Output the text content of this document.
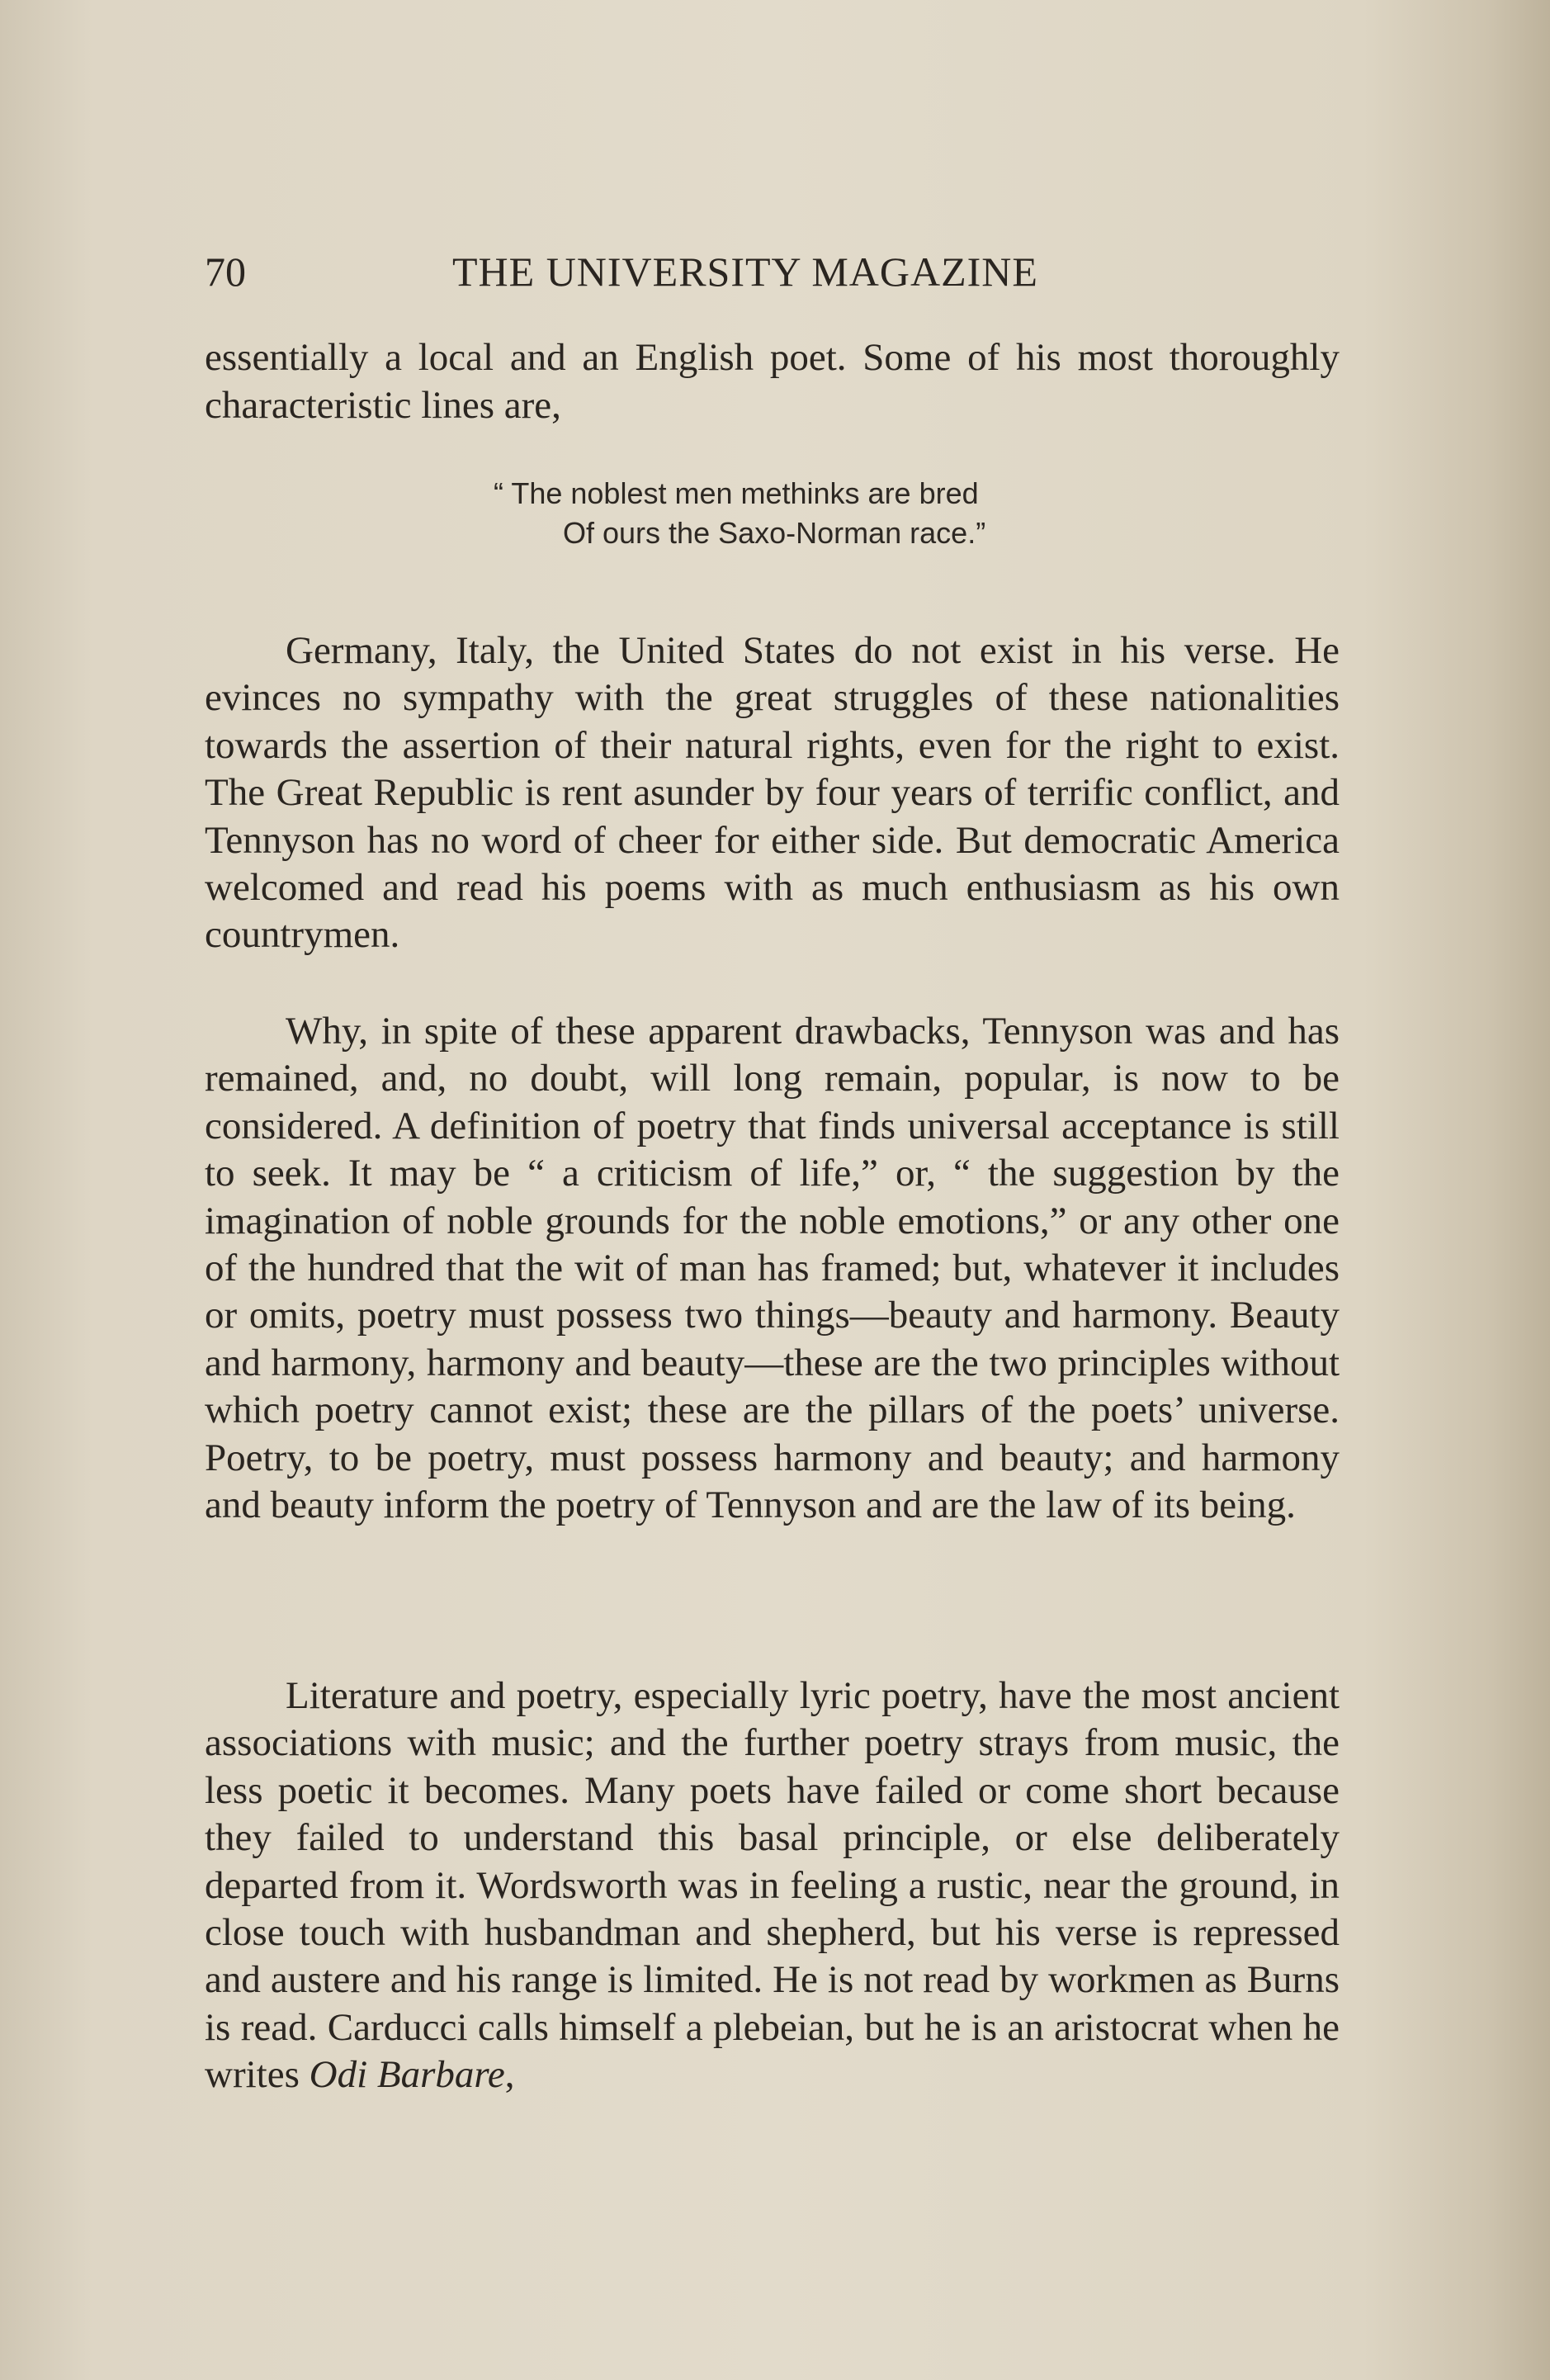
70	THE UNIVERSITY MAGAZINE

essentially a local and an English poet. Some of his most thoroughly characteristic lines are,

“ The noblest men methinks are bred
Of ours the Saxo-Norman race.”

Germany, Italy, the United States do not exist in his verse. He evinces no sympathy with the great struggles of these nationalities towards the assertion of their natural rights, even for the right to exist. The Great Republic is rent asunder by four years of terrific conflict, and Tennyson has no word of cheer for either side. But democratic America welcomed and read his poems with as much enthusiasm as his own countrymen.

Why, in spite of these apparent drawbacks, Tennyson was and has remained, and, no doubt, will long remain, popular, is now to be considered. A definition of poetry that finds universal acceptance is still to seek. It may be “ a criticism of life,” or, “ the suggestion by the imagination of noble grounds for the noble emotions,” or any other one of the hundred that the wit of man has framed; but, whatever it includes or omits, poetry must possess two things—beauty and harmony. Beauty and harmony, harmony and beauty—these are the two principles without which poetry cannot exist; these are the pillars of the poets’ universe. Poetry, to be poetry, must possess harmony and beauty; and harmony and beauty inform the poetry of Tennyson and are the law of its being.

Literature and poetry, especially lyric poetry, have the most ancient associations with music; and the further poetry strays from music, the less poetic it becomes. Many poets have failed or come short because they failed to understand this basal principle, or else deliberately departed from it. Wordsworth was in feeling a rustic, near the ground, in close touch with husbandman and shepherd, but his verse is repressed and austere and his range is limited. He is not read by workmen as Burns is read. Carducci calls himself a plebeian, but he is an aristocrat when he writes Odi Barbare,
